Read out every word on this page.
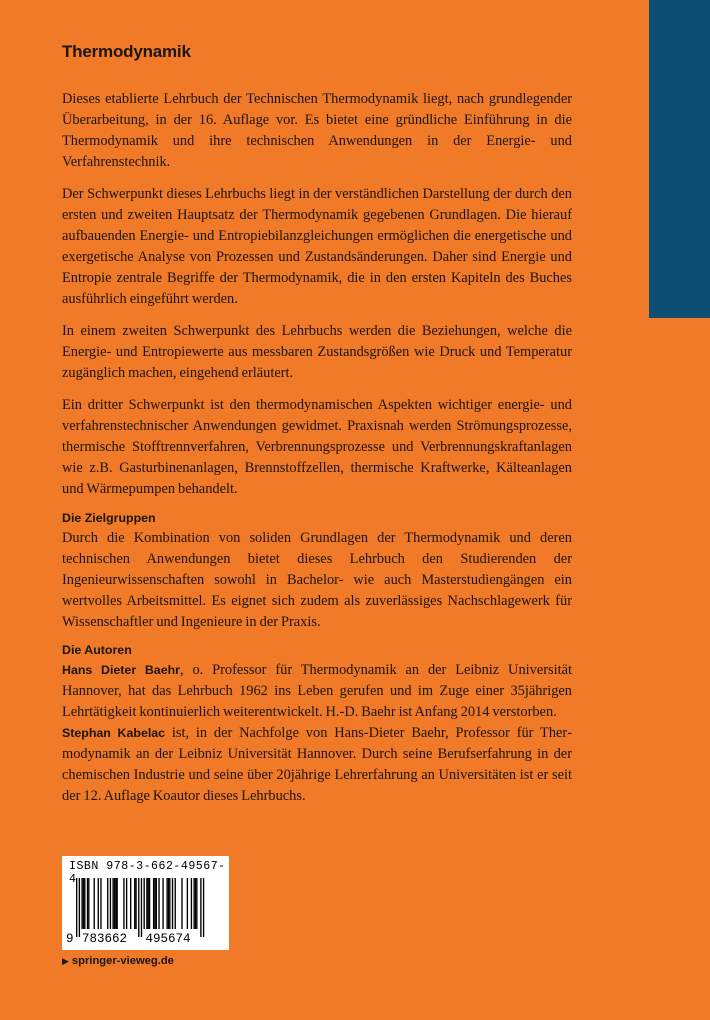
Thermodynamik

Dieses etablierte Lehrbuch der Technischen Thermodynamik liegt, nach grundlegender Überarbeitung, in der 16. Auflage vor. Es bietet eine gründliche Einführung in die Thermodynamik und ihre technischen Anwendungen in der Energie- und Verfahrenstechnik.

Der Schwerpunkt dieses Lehrbuchs liegt in der verständlichen Darstellung der durch den ersten und zweiten Hauptsatz der Thermodynamik gegebenen Grundlagen. Die hierauf aufbauenden Energie- und Entropiebilanzgleichungen ermöglichen die energetische und exergetische Analyse von Prozessen und Zustandsänderungen. Daher sind Energie und Entropie zentrale Begriffe der Thermodynamik, die in den ersten Kapiteln des Buches ausführlich eingeführt werden.

In einem zweiten Schwerpunkt des Lehrbuchs werden die Beziehungen, welche die Energie- und Entropiewerte aus messbaren Zustandsgrößen wie Druck und Temperatur zugänglich machen, eingehend erläutert.

Ein dritter Schwerpunkt ist den thermodynamischen Aspekten wichtiger energie- und verfahrenstechnischer Anwendungen gewidmet. Praxisnah werden Strömungsprozesse, thermische Stofftrennverfahren, Verbrennungsprozesse und Verbrennungskraftanlagen wie z.B. Gasturbinenanlagen, Brennstoffzellen, thermische Kraftwerke, Kälteanlagen und Wärmepumpen behandelt.

Die Zielgruppen

Durch die Kombination von soliden Grundlagen der Thermodynamik und deren technischen Anwendungen bietet dieses Lehrbuch den Studierenden der Ingenieurwissenschaften sowohl in Bachelor- wie auch Masterstudiengängen ein wertvolles Arbeitsmittel. Es eignet sich zudem als zuverlässiges Nachschlagewerk für Wissenschaftler und Ingenieure in der Praxis.

Die Autoren

Hans Dieter Baehr, o. Professor für Thermodynamik an der Leibniz Universität Hannover, hat das Lehrbuch 1962 ins Leben gerufen und im Zuge einer 35jährigen Lehrtätigkeit kontinuierlich weiterentwickelt. H.-D. Baehr ist Anfang 2014 verstorben.

Stephan Kabelac ist, in der Nachfolge von Hans-Dieter Baehr, Professor für Thermodynamik an der Leibniz Universität Hannover. Durch seine Berufserfahrung in der chemischen Industrie und seine über 20jährige Lehrerfahrung an Universitäten ist er seit der 12. Auflage Koautor dieses Lehrbuchs.

9 783662 495674
ISBN 978-3-662-49567-4
▶ springer-vieweg.de
